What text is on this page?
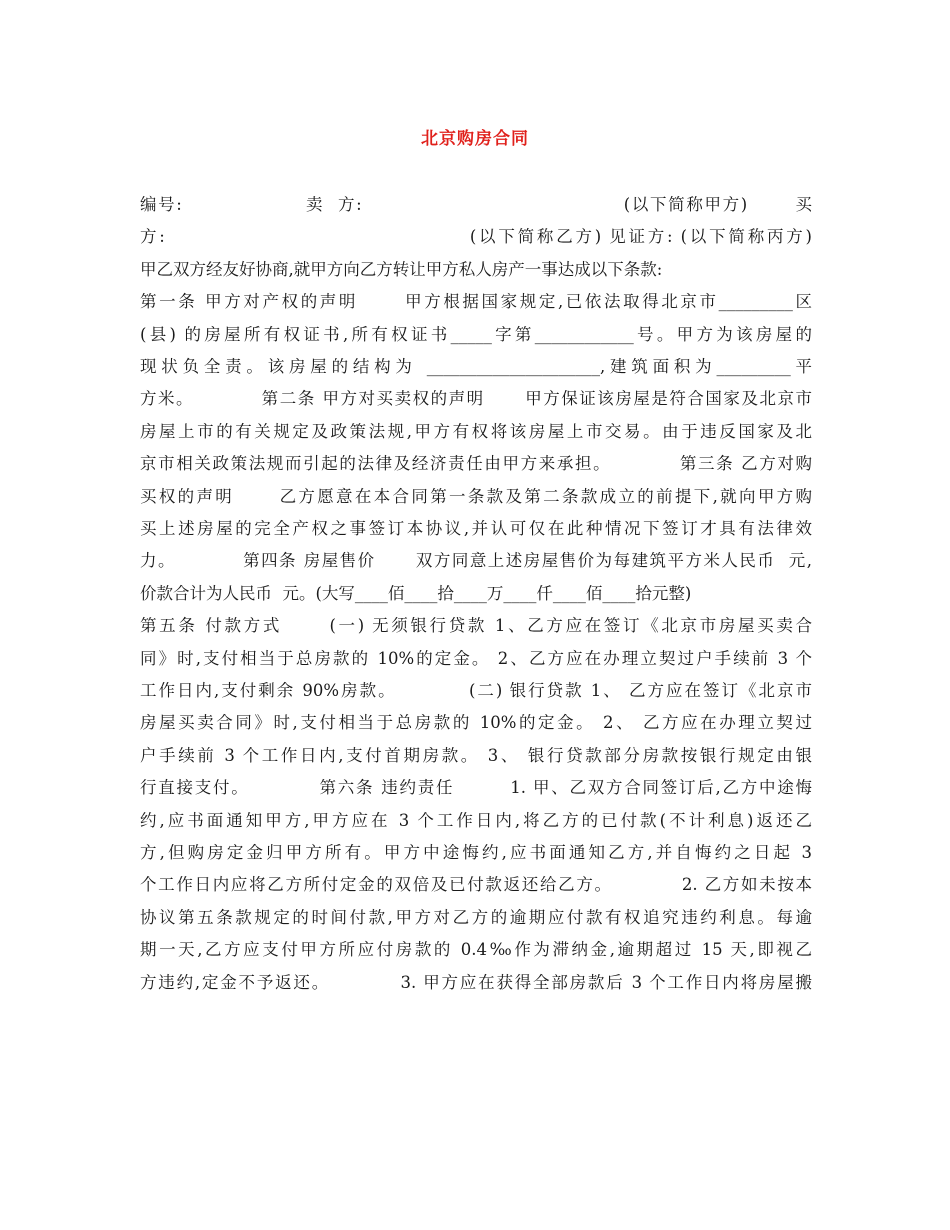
北京购房合同
编号:                  卖  方:                                      (以下简称甲方)       买
方:                                      (以下简称乙方) 见证方: (以下简称丙方)
甲乙双方经友好协商,就甲方向乙方转让甲方私人房产一事达成以下条款:
第一条 甲方对产权的声明      甲方根据国家规定,已依法取得北京市_________区
(县) 的房屋所有权证书,所有权证书_____字第____________号。甲方为该房屋的
现状负全责。该房屋的结构为 _____________________,建筑面积为_________平
方米。          第二条 甲方对买卖权的声明      甲方保证该房屋是符合国家及北京市
房屋上市的有关规定及政策法规,甲方有权将该房屋上市交易。由于违反国家及北
京市相关政策法规而引起的法律及经济责任由甲方来承担。          第三条 乙方对购
买权的声明      乙方愿意在本合同第一条款及第二条款成立的前提下,就向甲方购
买上述房屋的完全产权之事签订本协议,并认可仅在此种情况下签订才具有法律效
力。          第四条 房屋售价      双方同意上述房屋售价为每建筑平方米人民币  元,
价款合计为人民币  元。(大写____佰____拾____万____仟____佰____拾元整)
第五条 付款方式      (一) 无须银行贷款 1、乙方应在签订《北京市房屋买卖合
同》时,支付相当于总房款的 10%的定金。 2、乙方应在办理立契过户手续前 3 个
工作日内,支付剩余 90%房款。          (二) 银行贷款 1、 乙方应在签订《北京市
房屋买卖合同》时,支付相当于总房款的 10%的定金。 2、 乙方应在办理立契过
户手续前 3 个工作日内,支付首期房款。 3、 银行贷款部分房款按银行规定由银
行直接支付。          第六条 违约责任        1. 甲、乙双方合同签订后,乙方中途悔
约,应书面通知甲方,甲方应在 3 个工作日内,将乙方的已付款(不计利息)返还乙
方,但购房定金归甲方所有。甲方中途悔约,应书面通知乙方,并自悔约之日起 3
个工作日内应将乙方所付定金的双倍及已付款返还给乙方。          2. 乙方如未按本
协议第五条款规定的时间付款,甲方对乙方的逾期应付款有权追究违约利息。每逾
期一天,乙方应支付甲方所应付房款的 0.4‰作为滞纳金,逾期超过 15 天,即视乙
方违约,定金不予返还。          3. 甲方应在获得全部房款后 3 个工作日内将房屋搬
